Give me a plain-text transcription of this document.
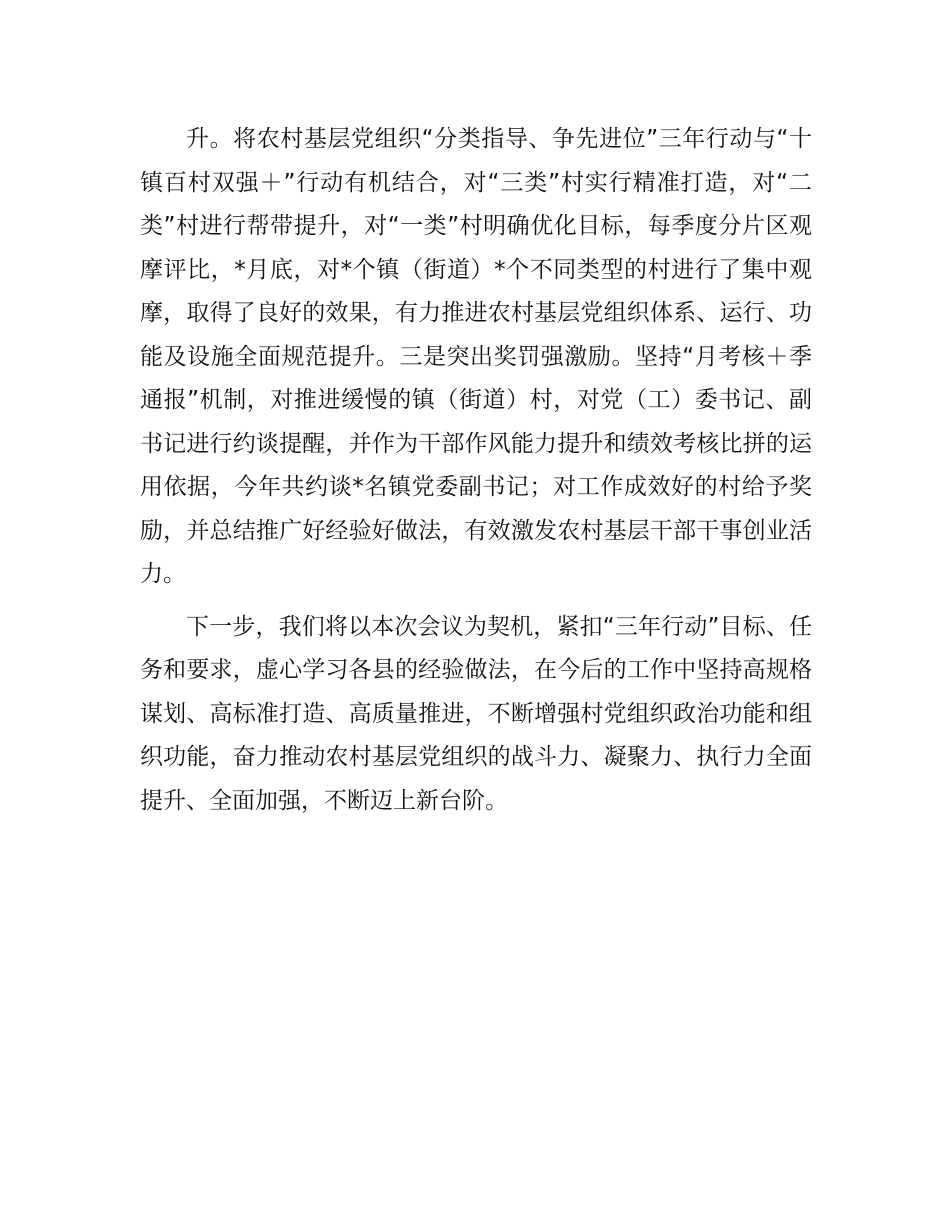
升。将农村基层党组织“分类指导、争先进位”三年行动与“十镇百村双强＋”行动有机结合，对“三类”村实行精准打造，对“二类”村进行帮带提升，对“一类”村明确优化目标，每季度分片区观摩评比，*月底，对*个镇（街道）*个不同类型的村进行了集中观摩，取得了良好的效果，有力推进农村基层党组织体系、运行、功能及设施全面规范提升。三是突出奖罚强激励。坚持“月考核＋季通报”机制，对推进缓慢的镇（街道）村，对党（工）委书记、副书记进行约谈提醒，并作为干部作风能力提升和绩效考核比拼的运用依据，今年共约谈*名镇党委副书记；对工作成效好的村给予奖励，并总结推广好经验好做法，有效激发农村基层干部干事创业活力。

下一步，我们将以本次会议为契机，紧扣“三年行动”目标、任务和要求，虚心学习各县的经验做法，在今后的工作中坚持高规格谋划、高标准打造、高质量推进，不断增强村党组织政治功能和组织功能，奋力推动农村基层党组织的战斗力、凝聚力、执行力全面提升、全面加强，不断迈上新台阶。
